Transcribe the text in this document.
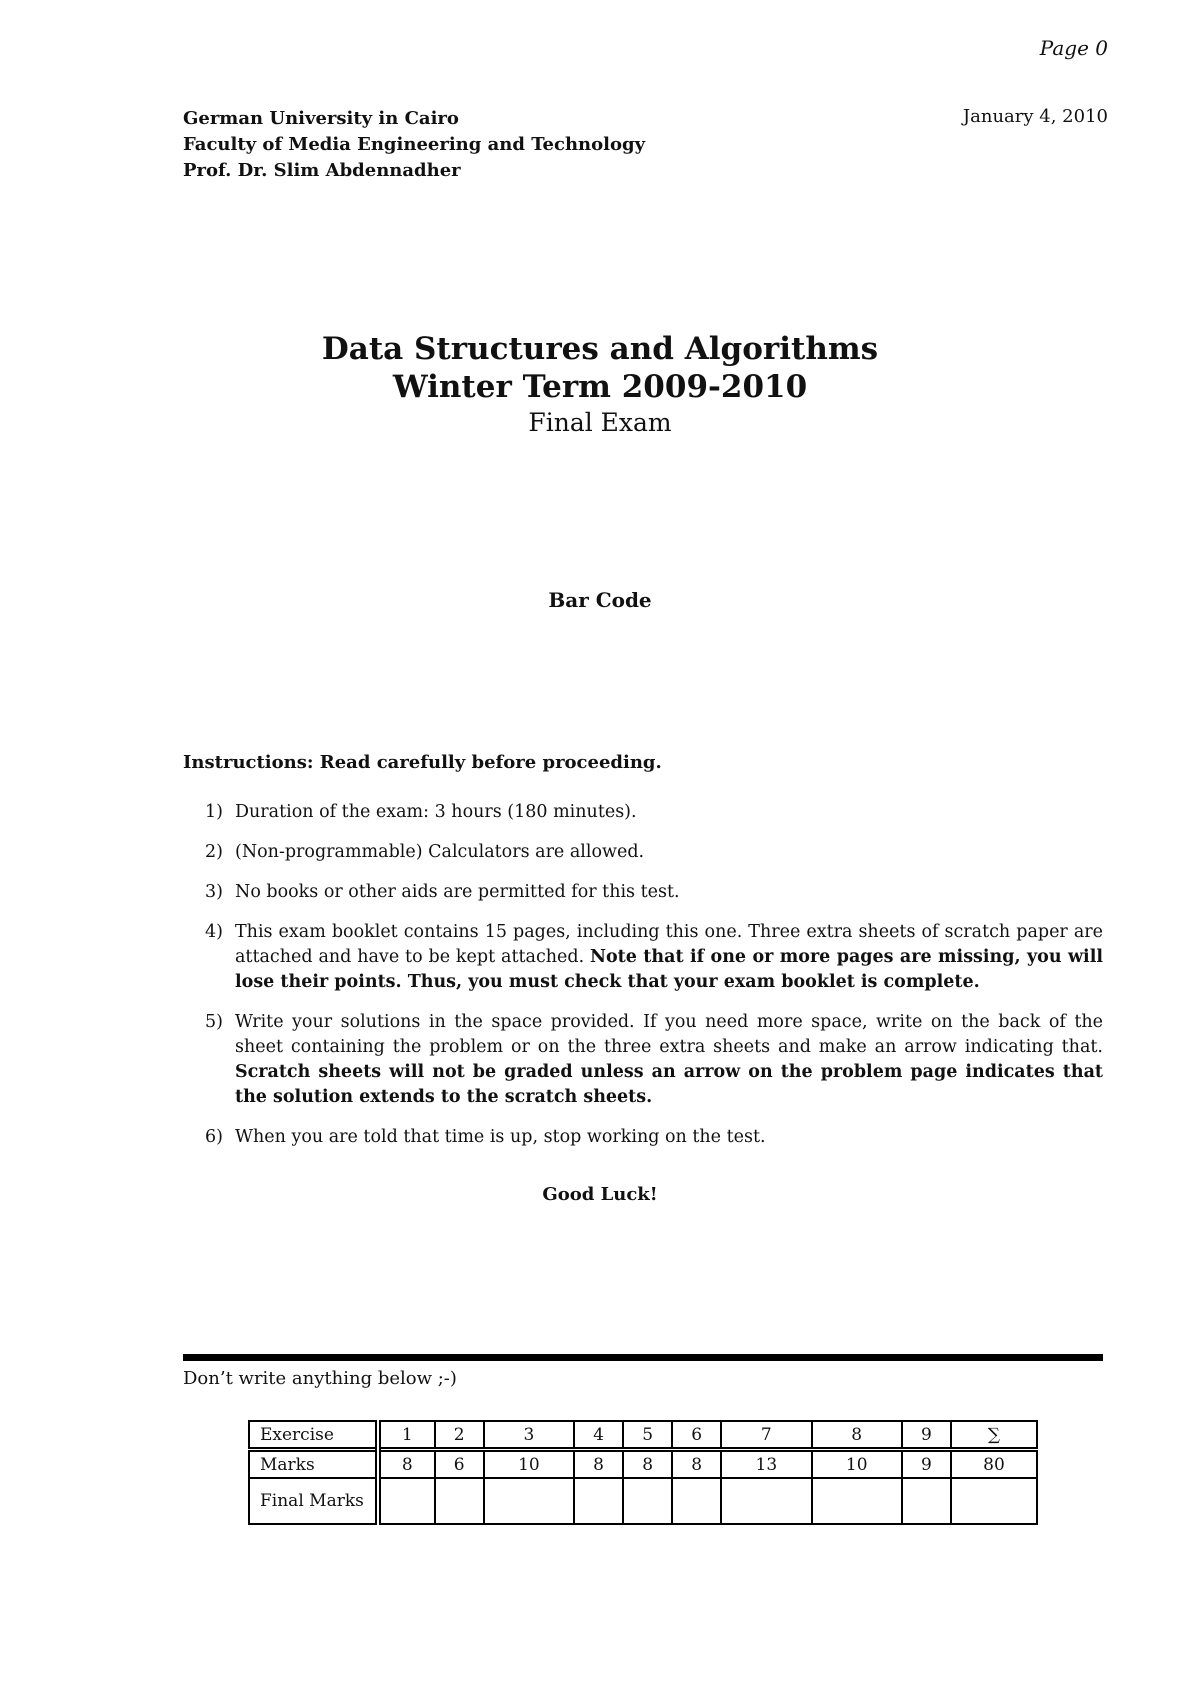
Page 0
German University in Cairo
Faculty of Media Engineering and Technology
Prof. Dr. Slim Abdennadher
January 4, 2010
Data Structures and Algorithms
Winter Term 2009-2010
Final Exam
Bar Code
Instructions: Read carefully before proceeding.
1) Duration of the exam: 3 hours (180 minutes).
2) (Non-programmable) Calculators are allowed.
3) No books or other aids are permitted for this test.
4) This exam booklet contains 15 pages, including this one. Three extra sheets of scratch paper are attached and have to be kept attached. Note that if one or more pages are missing, you will lose their points. Thus, you must check that your exam booklet is complete.
5) Write your solutions in the space provided. If you need more space, write on the back of the sheet containing the problem or on the three extra sheets and make an arrow indicating that. Scratch sheets will not be graded unless an arrow on the problem page indicates that the solution extends to the scratch sheets.
6) When you are told that time is up, stop working on the test.
Good Luck!
Don’t write anything below ;-)
Exercise	1	2	3	4	5	6	7	8	9	∑
Marks	8	6	10	8	8	8	13	10	9	80
Final Marks										
